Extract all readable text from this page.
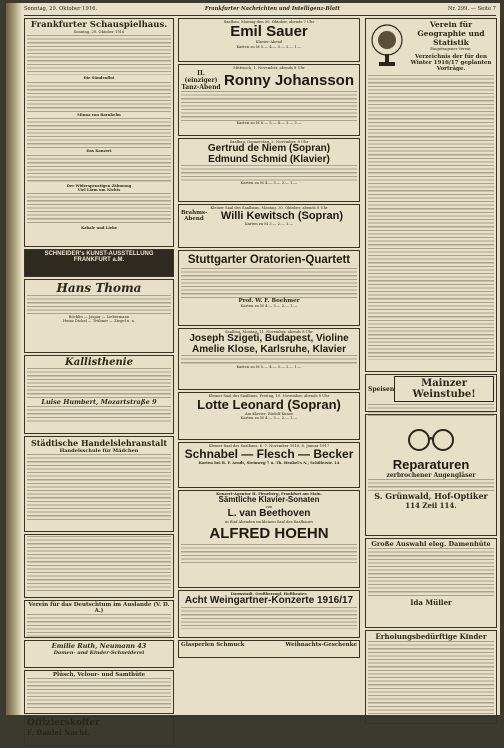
Sonntag, 29. Oktober 1916.	Frankfurter Nachrichten und Intelligenz-Blatt	Nr. 299. — Seite 7
Frankfurter Schauspielhaus.
Sonntag, 29. Oktober 1916
Die Sündenflut
Minna von Barnhelm
Das Konzert
Der Widerspenstigen Zähmung
Viel Lärm um Nichts
Kabale und Liebe
SCHNEIDER's KUNST-AUSSTELLUNG FRANKFURT a.M.
Hans Thoma
Böcklin — Jaspar — Liebermann
Heinz Dickel — Trübner — Ziegel u. a.
Kallisthenie
Luise Humbert, Mozartstraße 9
Städtische Handelslehranstalt
Handelsschule für Mädchen
Verein für das Deutschtum im Auslande (V. D. A.)
Emilie Ruth, Neumann 43
Damen- und Kinder-Schneiderei
Plüsch, Velour- und Samthüte
Offizierskoffer
F. Daniel Nacht.
Saalbau, Montag den 30. Oktober, abends 7 Uhr
Emil Sauer
Klavier-Abend
Karten zu M 5.— 4.— 3.— 2.— 1.—
Mittwoch, 1. November, abends 8 Uhr
II. (einziger) Tanz-Abend Ronny Johansson
Karten zu M 6.— 5.— 4.— 3.— 2.—
Saalbau, Donnerstag, 2. November, 8 Uhr
Gertrud de Niem (Sopran)
Edmund Schmid (Klavier)
Karten zu M 4.— 3.— 2.— 1.—
Kleiner Saal des Saalbaus, Montag, 30. Oktober, abends 8 Uhr
Brahms-Abend	Willi Kewitsch (Sopran)
Karten zu M 3.— 2.— 1.—
Stuttgarter Oratorien-Quartett
Prof. W. F. Boehmer
Karten zu M 4.— 3.— 2.— 1.—
Saalbau, Montag, 11. November, abends 8 Uhr
Joseph Szigeti, Budapest, Violine
Amelie Klose, Karlsruhe, Klavier
Karten zu M 5.— 4.— 3.— 2.— 1.—
Kleiner Saal des Saalbaus, Freitag, 10. November, abends 8 Uhr
Lotte Leonard (Sopran)
Am Klavier: Rudolf Kunze
Karten zu M 4.— 3.— 2.— 1.—
Kleiner Saal des Saalbaus, 6. 7. November 1916, 8. Januar 1917
Schnabel — Flesch — Becker
Karten bei B. F. Arndt, Steinweg 7 u. Th. Henkel's N., Schillerstr. 14
Konzert-Agentur H. Firneberg, Frankfurt am Main.
Sämtliche Klavier-Sonaten
von
L. van Beethoven
in fünf Abenden im kleinen Saal des Saalbaues
ALFRED HOEHN
Darmstadt, Großherzogl. Hoftheater.
Acht Weingartner-Konzerte 1916/17
Glasperlen Schmuck	Weihnachts-Geschenke
Verein für Geographie und Statistik
Eingetragener Verein.
Verzeichnis der für den Winter 1916/17 geplanten Vorträge.
Speisen	Mainzer Weinstube!
Reparaturen
zerbrochener Augengläser
S. Grünwald, Hof-Optiker
114 Zeil 114.
Große Auswahl eleg. Damenhüte
Ida Müller
Erholungsbedürftige Kinder
